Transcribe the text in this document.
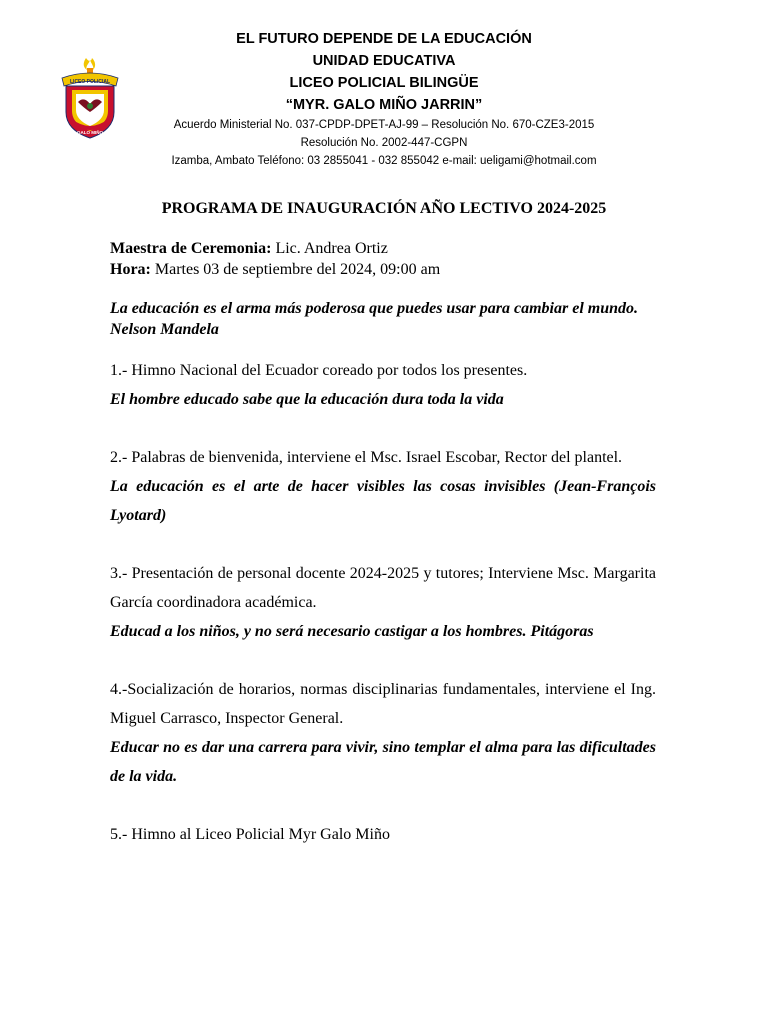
LICEO POLICIAL
GALO MIÑO
EL FUTURO DEPENDE DE LA EDUCACIÓN
UNIDAD EDUCATIVA
LICEO POLICIAL BILINGÜE
“MYR. GALO MIÑO JARRIN”
Acuerdo Ministerial No. 037-CPDP-DPET-AJ-99 – Resolución No. 670-CZE3-2015
Resolución No. 2002-447-CGPN
Izamba, Ambato Teléfono: 03 2855041 - 032 855042 e-mail: ueligami@hotmail.com
PROGRAMA DE INAUGURACIÓN AÑO LECTIVO 2024-2025
Maestra de Ceremonia: Lic. Andrea Ortiz
Hora: Martes 03 de septiembre del 2024, 09:00 am
La educación es el arma más poderosa que puedes usar para cambiar el mundo. Nelson Mandela
1.- Himno Nacional del Ecuador coreado por todos los presentes.
El hombre educado sabe que la educación dura toda la vida
2.- Palabras de bienvenida, interviene el Msc. Israel Escobar, Rector del plantel.
La educación es el arte de hacer visibles las cosas invisibles (Jean-François Lyotard)
3.- Presentación de personal docente 2024-2025 y tutores; Interviene Msc. Margarita García coordinadora académica.
Educad a los niños, y no será necesario castigar a los hombres. Pitágoras
4.-Socialización de horarios, normas disciplinarias fundamentales, interviene el Ing. Miguel Carrasco, Inspector General.
Educar no es dar una carrera para vivir, sino templar el alma para las dificultades de la vida.
5.- Himno al Liceo Policial Myr Galo Miño
